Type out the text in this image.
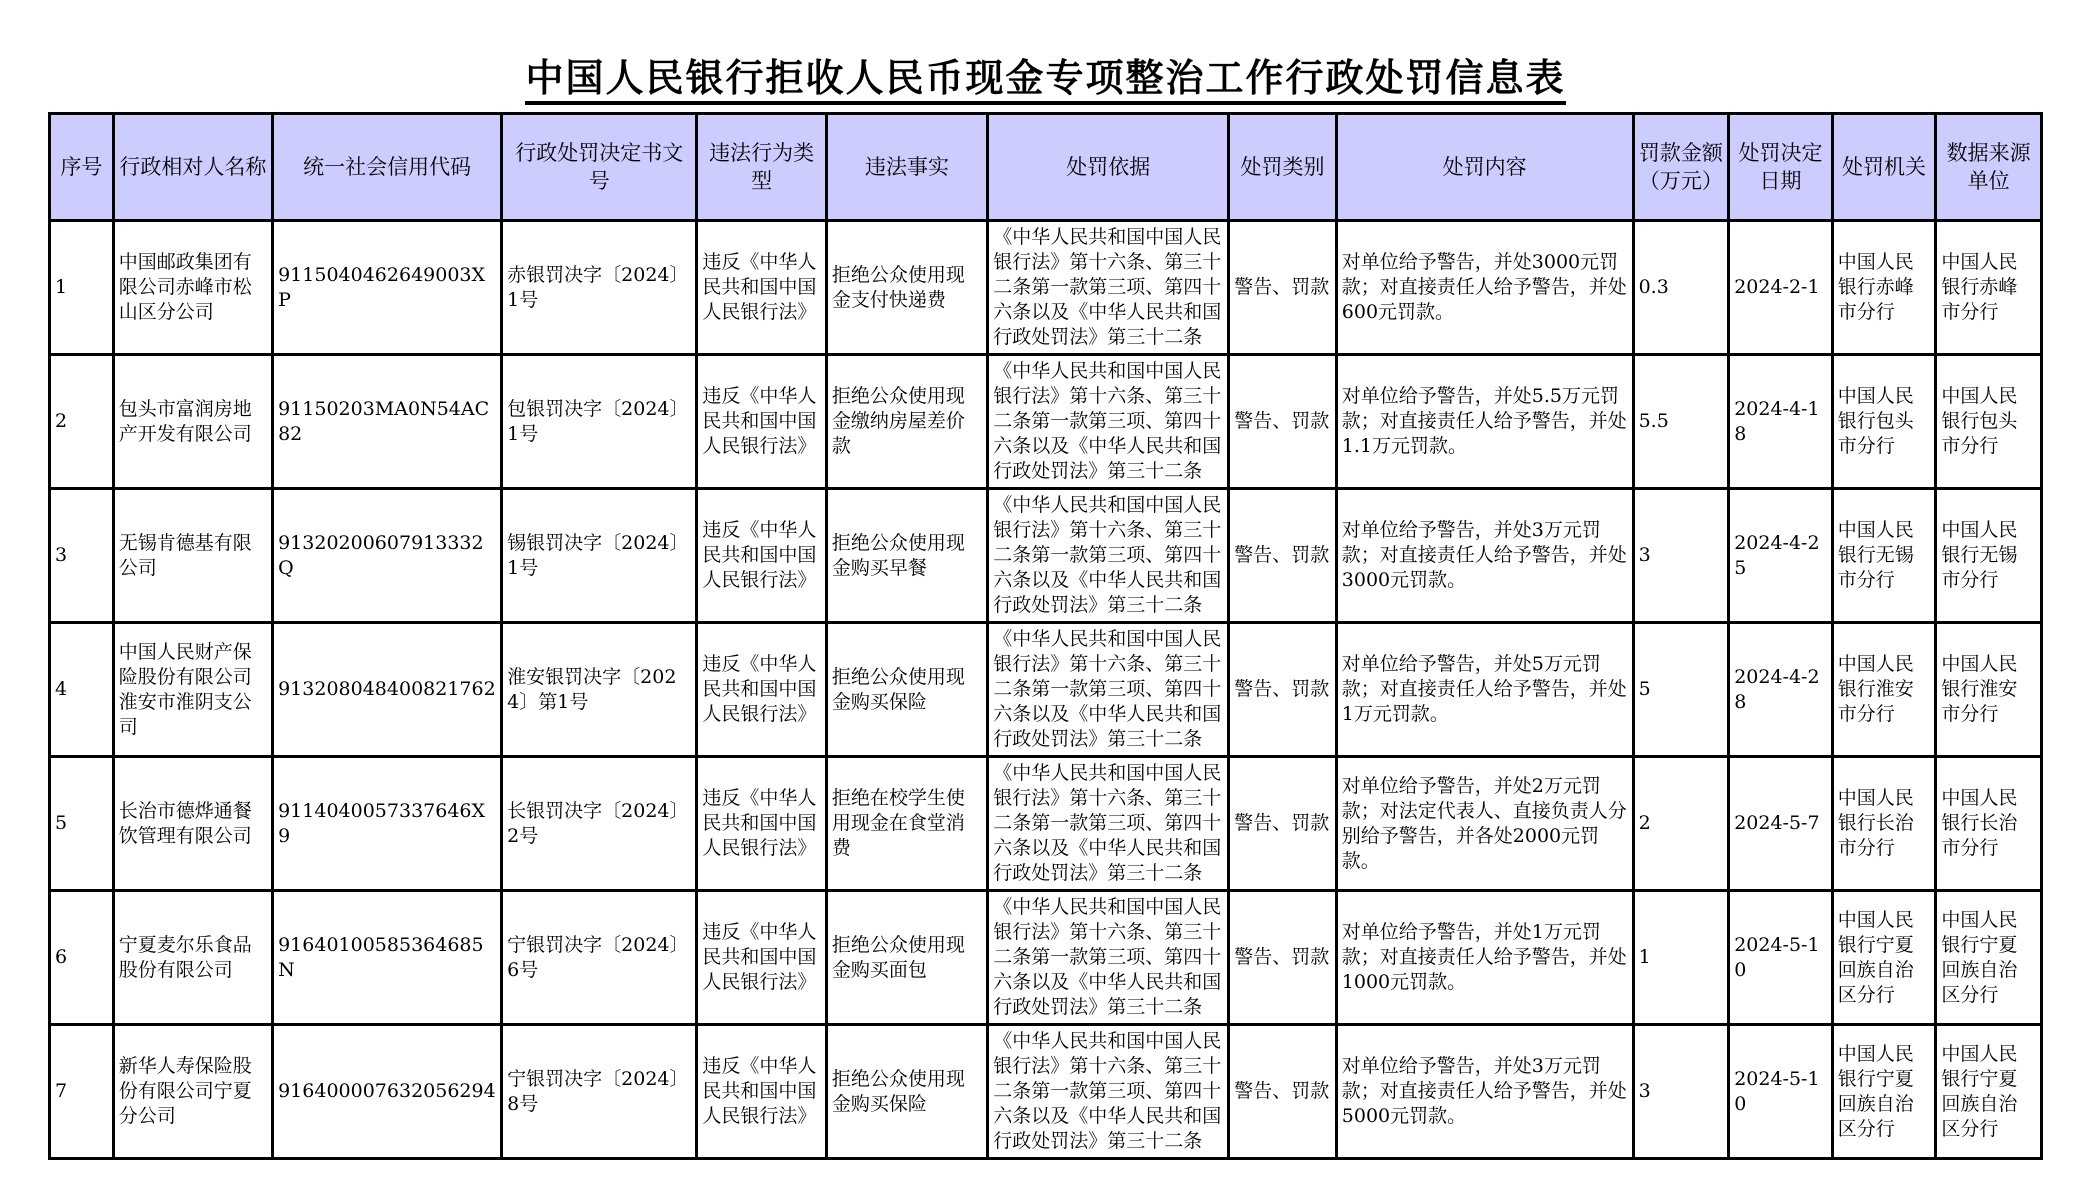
中国人民银行拒收人民币现金专项整治工作行政处罚信息表
序号	行政相对人名称	统一社会信用代码	行政处罚决定书文号	违法行为类型	违法事实	处罚依据	处罚类别	处罚内容	罚款金额（万元）	处罚决定日期	处罚机关	数据来源单位
1	中国邮政集团有限公司赤峰市松山区分公司	9115040462649003XP	赤银罚决字〔2024〕1号	违反《中华人民共和国中国人民银行法》	拒绝公众使用现金支付快递费	《中华人民共和国中国人民银行法》第十六条、第三十二条第一款第三项、第四十六条以及《中华人民共和国行政处罚法》第三十二条	警告、罚款	对单位给予警告，并处3000元罚款；对直接责任人给予警告，并处600元罚款。	0.3	2024-2-1	中国人民银行赤峰市分行	中国人民银行赤峰市分行
2	包头市富润房地产开发有限公司	91150203MA0N54AC82	包银罚决字〔2024〕1号	违反《中华人民共和国中国人民银行法》	拒绝公众使用现金缴纳房屋差价款	《中华人民共和国中国人民银行法》第十六条、第三十二条第一款第三项、第四十六条以及《中华人民共和国行政处罚法》第三十二条	警告、罚款	对单位给予警告，并处5.5万元罚款；对直接责任人给予警告，并处1.1万元罚款。	5.5	2024-4-18	中国人民银行包头市分行	中国人民银行包头市分行
3	无锡肯德基有限公司	91320200607913332Q	锡银罚决字〔2024〕1号	违反《中华人民共和国中国人民银行法》	拒绝公众使用现金购买早餐	《中华人民共和国中国人民银行法》第十六条、第三十二条第一款第三项、第四十六条以及《中华人民共和国行政处罚法》第三十二条	警告、罚款	对单位给予警告，并处3万元罚款；对直接责任人给予警告，并处3000元罚款。	3	2024-4-25	中国人民银行无锡市分行	中国人民银行无锡市分行
4	中国人民财产保险股份有限公司淮安市淮阴支公司	913208048400821762	淮安银罚决字〔2024〕第1号	违反《中华人民共和国中国人民银行法》	拒绝公众使用现金购买保险	《中华人民共和国中国人民银行法》第十六条、第三十二条第一款第三项、第四十六条以及《中华人民共和国行政处罚法》第三十二条	警告、罚款	对单位给予警告，并处5万元罚款；对直接责任人给予警告，并处1万元罚款。	5	2024-4-28	中国人民银行淮安市分行	中国人民银行淮安市分行
5	长治市德烨通餐饮管理有限公司	9114040057337646X9	长银罚决字〔2024〕2号	违反《中华人民共和国中国人民银行法》	拒绝在校学生使用现金在食堂消费	《中华人民共和国中国人民银行法》第十六条、第三十二条第一款第三项、第四十六条以及《中华人民共和国行政处罚法》第三十二条	警告、罚款	对单位给予警告，并处2万元罚款；对法定代表人、直接负责人分别给予警告，并各处2000元罚款。	2	2024-5-7	中国人民银行长治市分行	中国人民银行长治市分行
6	宁夏麦尔乐食品股份有限公司	91640100585364685N	宁银罚决字〔2024〕6号	违反《中华人民共和国中国人民银行法》	拒绝公众使用现金购买面包	《中华人民共和国中国人民银行法》第十六条、第三十二条第一款第三项、第四十六条以及《中华人民共和国行政处罚法》第三十二条	警告、罚款	对单位给予警告，并处1万元罚款；对直接责任人给予警告，并处1000元罚款。	1	2024-5-10	中国人民银行宁夏回族自治区分行	中国人民银行宁夏回族自治区分行
7	新华人寿保险股份有限公司宁夏分公司	916400007632056294	宁银罚决字〔2024〕8号	违反《中华人民共和国中国人民银行法》	拒绝公众使用现金购买保险	《中华人民共和国中国人民银行法》第十六条、第三十二条第一款第三项、第四十六条以及《中华人民共和国行政处罚法》第三十二条	警告、罚款	对单位给予警告，并处3万元罚款；对直接责任人给予警告，并处5000元罚款。	3	2024-5-10	中国人民银行宁夏回族自治区分行	中国人民银行宁夏回族自治区分行
